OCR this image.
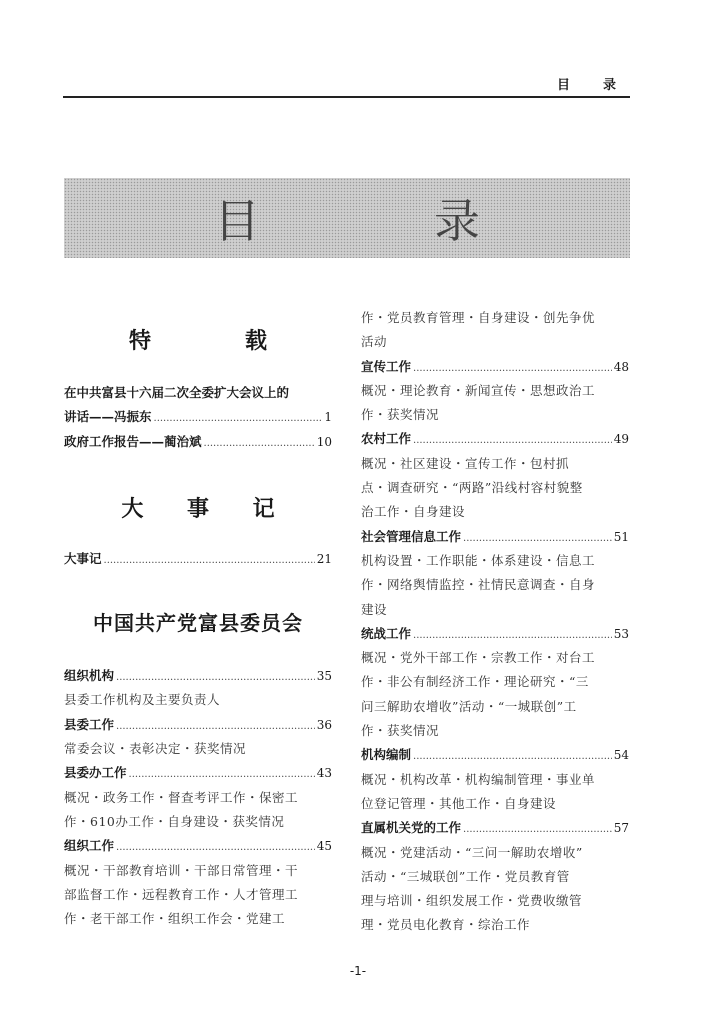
目　录
目　录
特　载
在中共富县十六届二次全委扩大会议上的
讲话——冯振东 .....	1
政府工作报告——蔺治斌 .....	10
大 事 记
大事记 .....	21
中国共产党富县委员会
组织机构 .....	35
县委工作机构及主要负责人
县委工作 .....	36
常委会议・表彰决定・获奖情况
县委办工作 .....	43
概况・政务工作・督查考评工作・保密工
作・610办工作・自身建设・获奖情况
组织工作 .....	45
概况・干部教育培训・干部日常管理・干
部监督工作・远程教育工作・人才管理工
作・老干部工作・组织工作会・党建工
作・党员教育管理・自身建设・创先争优
活动
宣传工作 .....	48
概况・理论教育・新闻宣传・思想政治工
作・获奖情况
农村工作 .....	49
概况・社区建设・宣传工作・包村抓
点・调查研究・“两路”沿线村容村貌整
治工作・自身建设
社会管理信息工作 .....	51
机构设置・工作职能・体系建设・信息工
作・网络舆情监控・社情民意调查・自身
建设
统战工作 .....	53
概况・党外干部工作・宗教工作・对台工
作・非公有制经济工作・理论研究・“三
问三解助农增收”活动・“一城联创”工
作・获奖情况
机构编制 .....	54
概况・机构改革・机构编制管理・事业单
位登记管理・其他工作・自身建设
直属机关党的工作 .....	57
概况・党建活动・“三问一解助农增收”
活动・“三城联创”工作・党员教育管
理与培训・组织发展工作・党费收缴管
理・党员电化教育・综治工作
-1-
